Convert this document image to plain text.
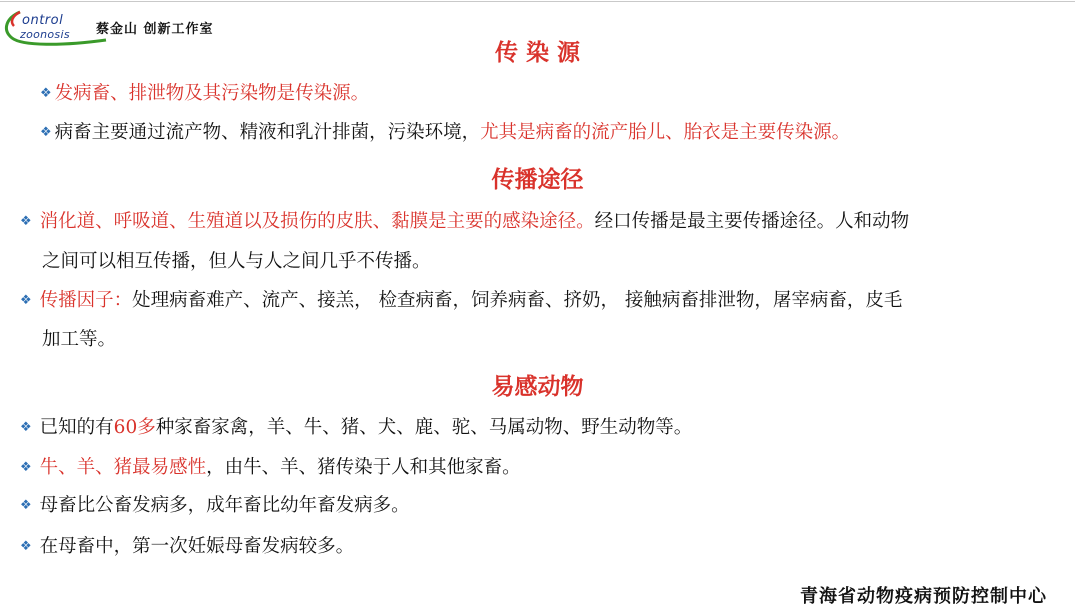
ontrol
zoonosis 蔡金山 创新工作室
传 染 源
❖ 发病畜、排泄物及其污染物是传染源。
❖ 病畜主要通过流产物、精液和乳汁排菌，污染环境，尤其是病畜的流产胎儿、胎衣是主要传染源。
传播途径
❖ 消化道、呼吸道、生殖道以及损伤的皮肤、黏膜是主要的感染途径。经口传播是最主要传播途径。人和动物
之间可以相互传播，但人与人之间几乎不传播。
❖ 传播因子：处理病畜难产、流产、接羔， 检查病畜，饲养病畜、挤奶， 接触病畜排泄物，屠宰病畜，皮毛
加工等。
易感动物
❖ 已知的有60多种家畜家禽，羊、牛、猪、犬、鹿、驼、马属动物、野生动物等。
❖ 牛、羊、猪最易感性，由牛、羊、猪传染于人和其他家畜。
❖ 母畜比公畜发病多，成年畜比幼年畜发病多。
❖ 在母畜中，第一次妊娠母畜发病较多。
青海省动物疫病预防控制中心
